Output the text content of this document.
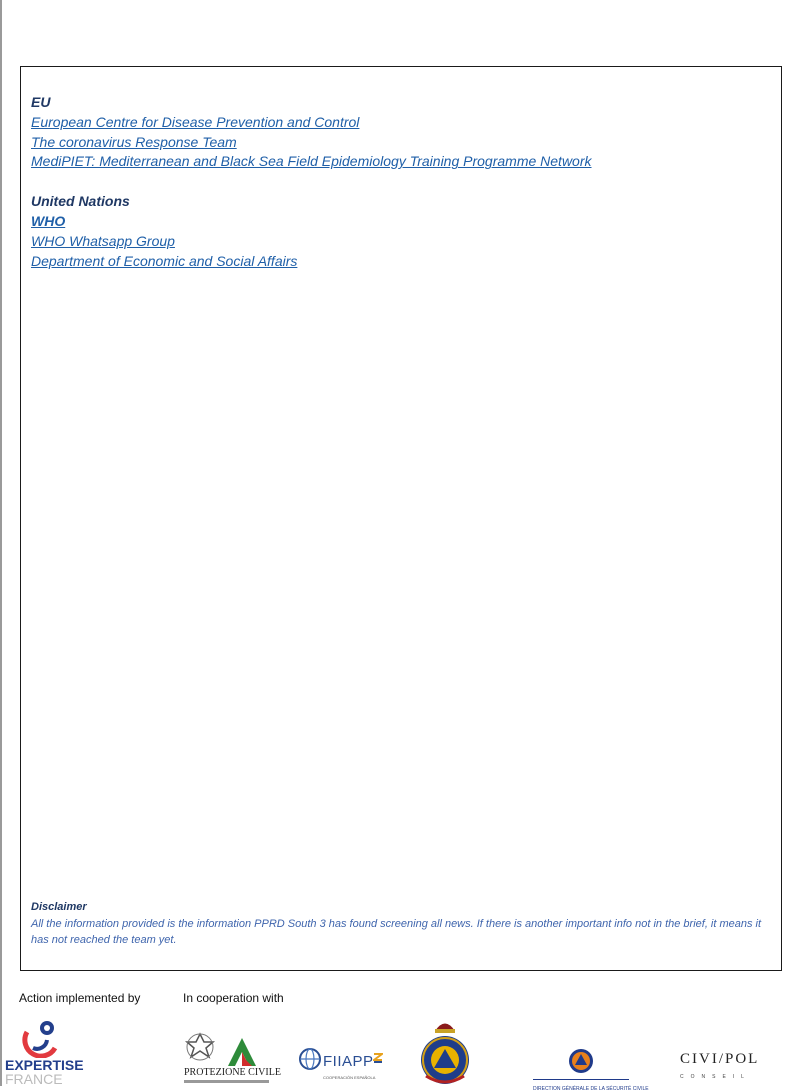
EU
European Centre for Disease Prevention and Control
The coronavirus Response Team
MediPIET: Mediterranean and Black Sea Field Epidemiology Training Programme Network
United Nations
WHO
WHO Whatsapp Group
Department of Economic and Social Affairs
Disclaimer
All the information provided is the information PPRD South 3 has found screening all news. If there is another important info not in the brief, it means it has not reached the team yet.
Action implemented by	In cooperation with
EXPERTISE
FRANCE	PROTEZIONE CIVILE
FIIAPP
COOPERACIÓN ESPAÑOLA
DIRECTION GÉNÉRALE DE LA SÉCURITÉ CIVILE
CIVI/POL
CONSEIL
